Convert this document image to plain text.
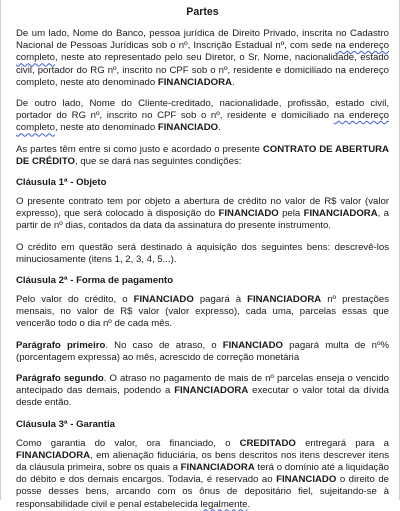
Partes

De um lado, Nome do Banco, pessoa jurídica de Direito Privado, inscrita no Cadastro Nacional de Pessoas Jurídicas sob o nº, Inscrição Estadual nº, com sede na endereço completo, neste ato representado pelo seu Diretor, o Sr. Nome, nacionalidade, estado civil, portador do RG nº, inscrito no CPF sob o nº, residente e domiciliado na endereço completo, neste ato denominado FINANCIADORA.

De outro lado, Nome do Cliente-creditado, nacionalidade, profissão, estado civil, portador do RG nº, inscrito no CPF sob o nº, residente e domiciliado na endereço completo, neste ato denominado FINANCIADO.

As partes têm entre si como justo e acordado o presente CONTRATO DE ABERTURA DE CRÉDITO, que se dará nas seguintes condições:

Cláusula 1ª - Objeto

O presente contrato tem por objeto a abertura de crédito no valor de R$ valor (valor expresso), que será colocado à disposição do FINANCIADO pela FINANCIADORA, a partir de nº dias, contados da data da assinatura do presente instrumento.

O crédito em questão será destinado à aquisição dos seguintes bens: descrevê-los minuciosamente (itens 1, 2, 3, 4, 5...).

Cláusula 2ª - Forma de pagamento

Pelo valor do crédito, o FINANCIADO pagará à FINANCIADORA nº prestações mensais, no valor de R$ valor (valor expresso), cada uma, parcelas essas que vencerão todo o dia nº de cada mês.

Parágrafo primeiro. No caso de atraso, o FINANCIADO pagará multa de nº% (porcentagem expressa) ao mês, acrescido de correção monetária

Parágrafo segundo. O atraso no pagamento de mais de nº parcelas enseja o vencido antecipado das demais, podendo a FINANCIADORA executar o valor total da dívida desde então.

Cláusula 3ª - Garantia

Como garantia do valor, ora financiado, o CREDITADO entregará para a FINANCIADORA, em alienação fiduciária, os bens descritos nos itens descrever itens da cláusula primeira, sobre os quais a FINANCIADORA terá o domínio até a liquidação do débito e dos demais encargos. Todavia, é reservado ao FINANCIADO o direito de posse desses bens, arcando com os ônus de depositário fiel, sujeitando-se à responsabilidade civil e penal estabelecida legalmente.
